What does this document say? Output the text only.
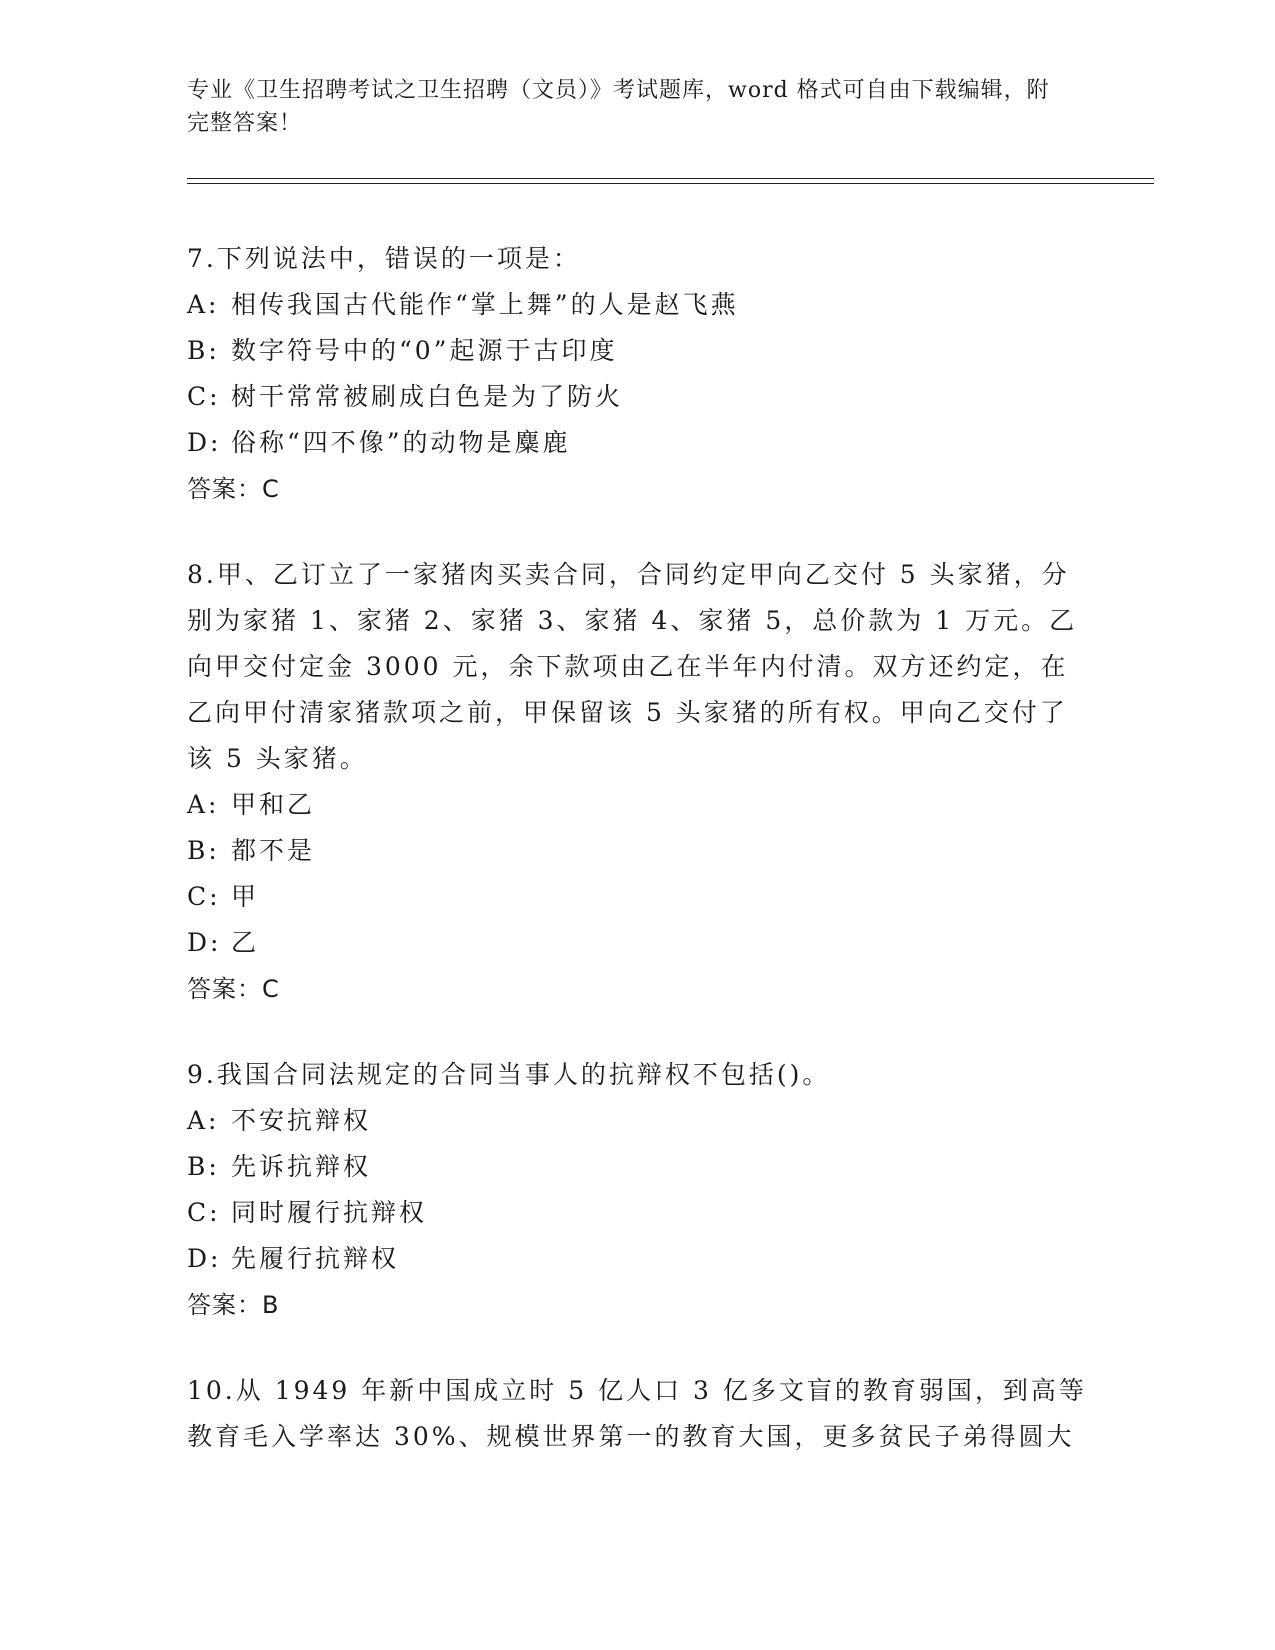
专业《卫生招聘考试之卫生招聘（文员）》考试题库，word 格式可自由下载编辑，附完整答案！
7.下列说法中，错误的一项是：
A: 相传我国古代能作“掌上舞”的人是赵飞燕
B: 数字符号中的“0”起源于古印度
C: 树干常常被刷成白色是为了防火
D: 俗称“四不像”的动物是麋鹿
答案：C
8.甲、乙订立了一家猪肉买卖合同，合同约定甲向乙交付 5 头家猪，分别为家猪 1、家猪 2、家猪 3、家猪 4、家猪 5，总价款为 1 万元。乙向甲交付定金 3000 元，余下款项由乙在半年内付清。双方还约定，在乙向甲付清家猪款项之前，甲保留该 5 头家猪的所有权。甲向乙交付了该 5 头家猪。
A: 甲和乙
B: 都不是
C: 甲
D: 乙
答案：C
9.我国合同法规定的合同当事人的抗辩权不包括()。
A: 不安抗辩权
B: 先诉抗辩权
C: 同时履行抗辩权
D: 先履行抗辩权
答案：B
10.从 1949 年新中国成立时 5 亿人口 3 亿多文盲的教育弱国，到高等教育毛入学率达 30%、规模世界第一的教育大国，更多贫民子弟得圆大
